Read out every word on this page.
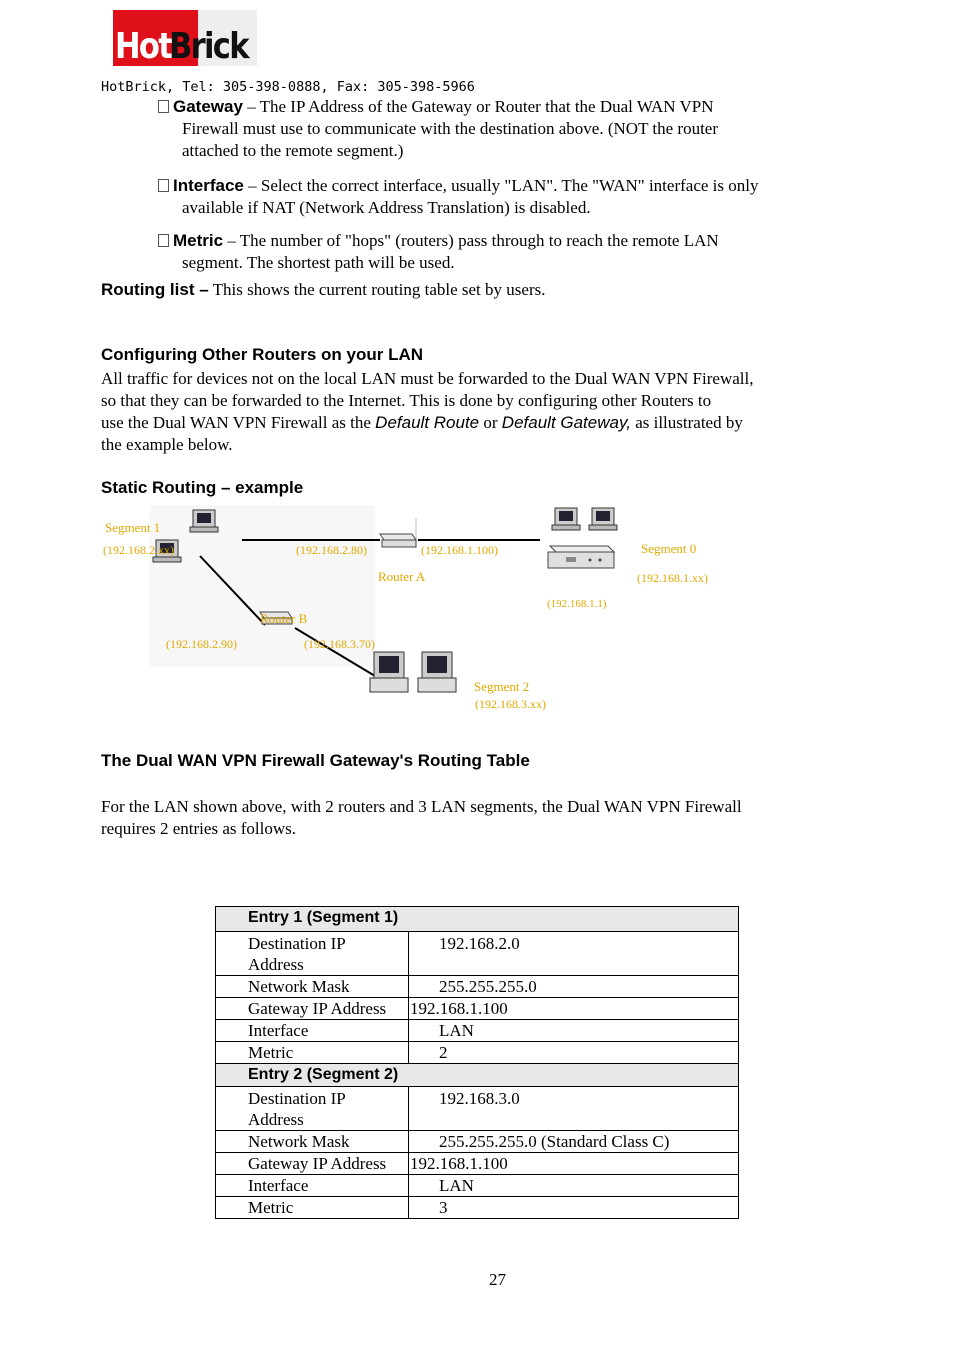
Hot
Brick
HotBrick, Tel: 305-398-0888, Fax: 305-398-5966
Gateway – The IP Address of the Gateway or Router that the Dual WAN VPN
Firewall must use to communicate with the destination above. (NOT the router
attached to the remote segment.)
Interface – Select the correct interface, usually "LAN". The "WAN" interface is only
available if NAT (Network Address Translation) is disabled.
Metric – The number of "hops" (routers) pass through to reach the remote LAN
segment. The shortest path will be used.
Routing list – This shows the current routing table set by users.
Configuring Other Routers on your LAN
All traffic for devices not on the local LAN must be forwarded to the Dual WAN VPN Firewall,
so that they can be forwarded to the Internet. This is done by configuring other Routers to
use the Dual WAN VPN Firewall as the Default Route or Default Gateway, as illustrated by
the example below.
Static Routing – example
Segment 1
(192.168.2.xx)	(192.168.2.80)	(192.168.1.100)
Router A
Segment 0
(192.168.1.xx)
(192.168.1.1)
Router B
(192.168.2.90)	(192.168.3.70)
Segment 2
(192.168.3.xx)
The Dual WAN VPN Firewall Gateway's Routing Table
For the LAN shown above, with 2 routers and 3 LAN segments, the Dual WAN VPN Firewall
requires 2 entries as follows.
Entry 1 (Segment 1)	
Destination IP Address	192.168.2.0
Network Mask	255.255.255.0
Gateway IP Address	192.168.1.100
Interface	LAN
Metric	2
Entry 2 (Segment 2)	
Destination IP Address	192.168.3.0
Network Mask	255.255.255.0 (Standard Class C)
Gateway IP Address	192.168.1.100
Interface	LAN
Metric	3
27
